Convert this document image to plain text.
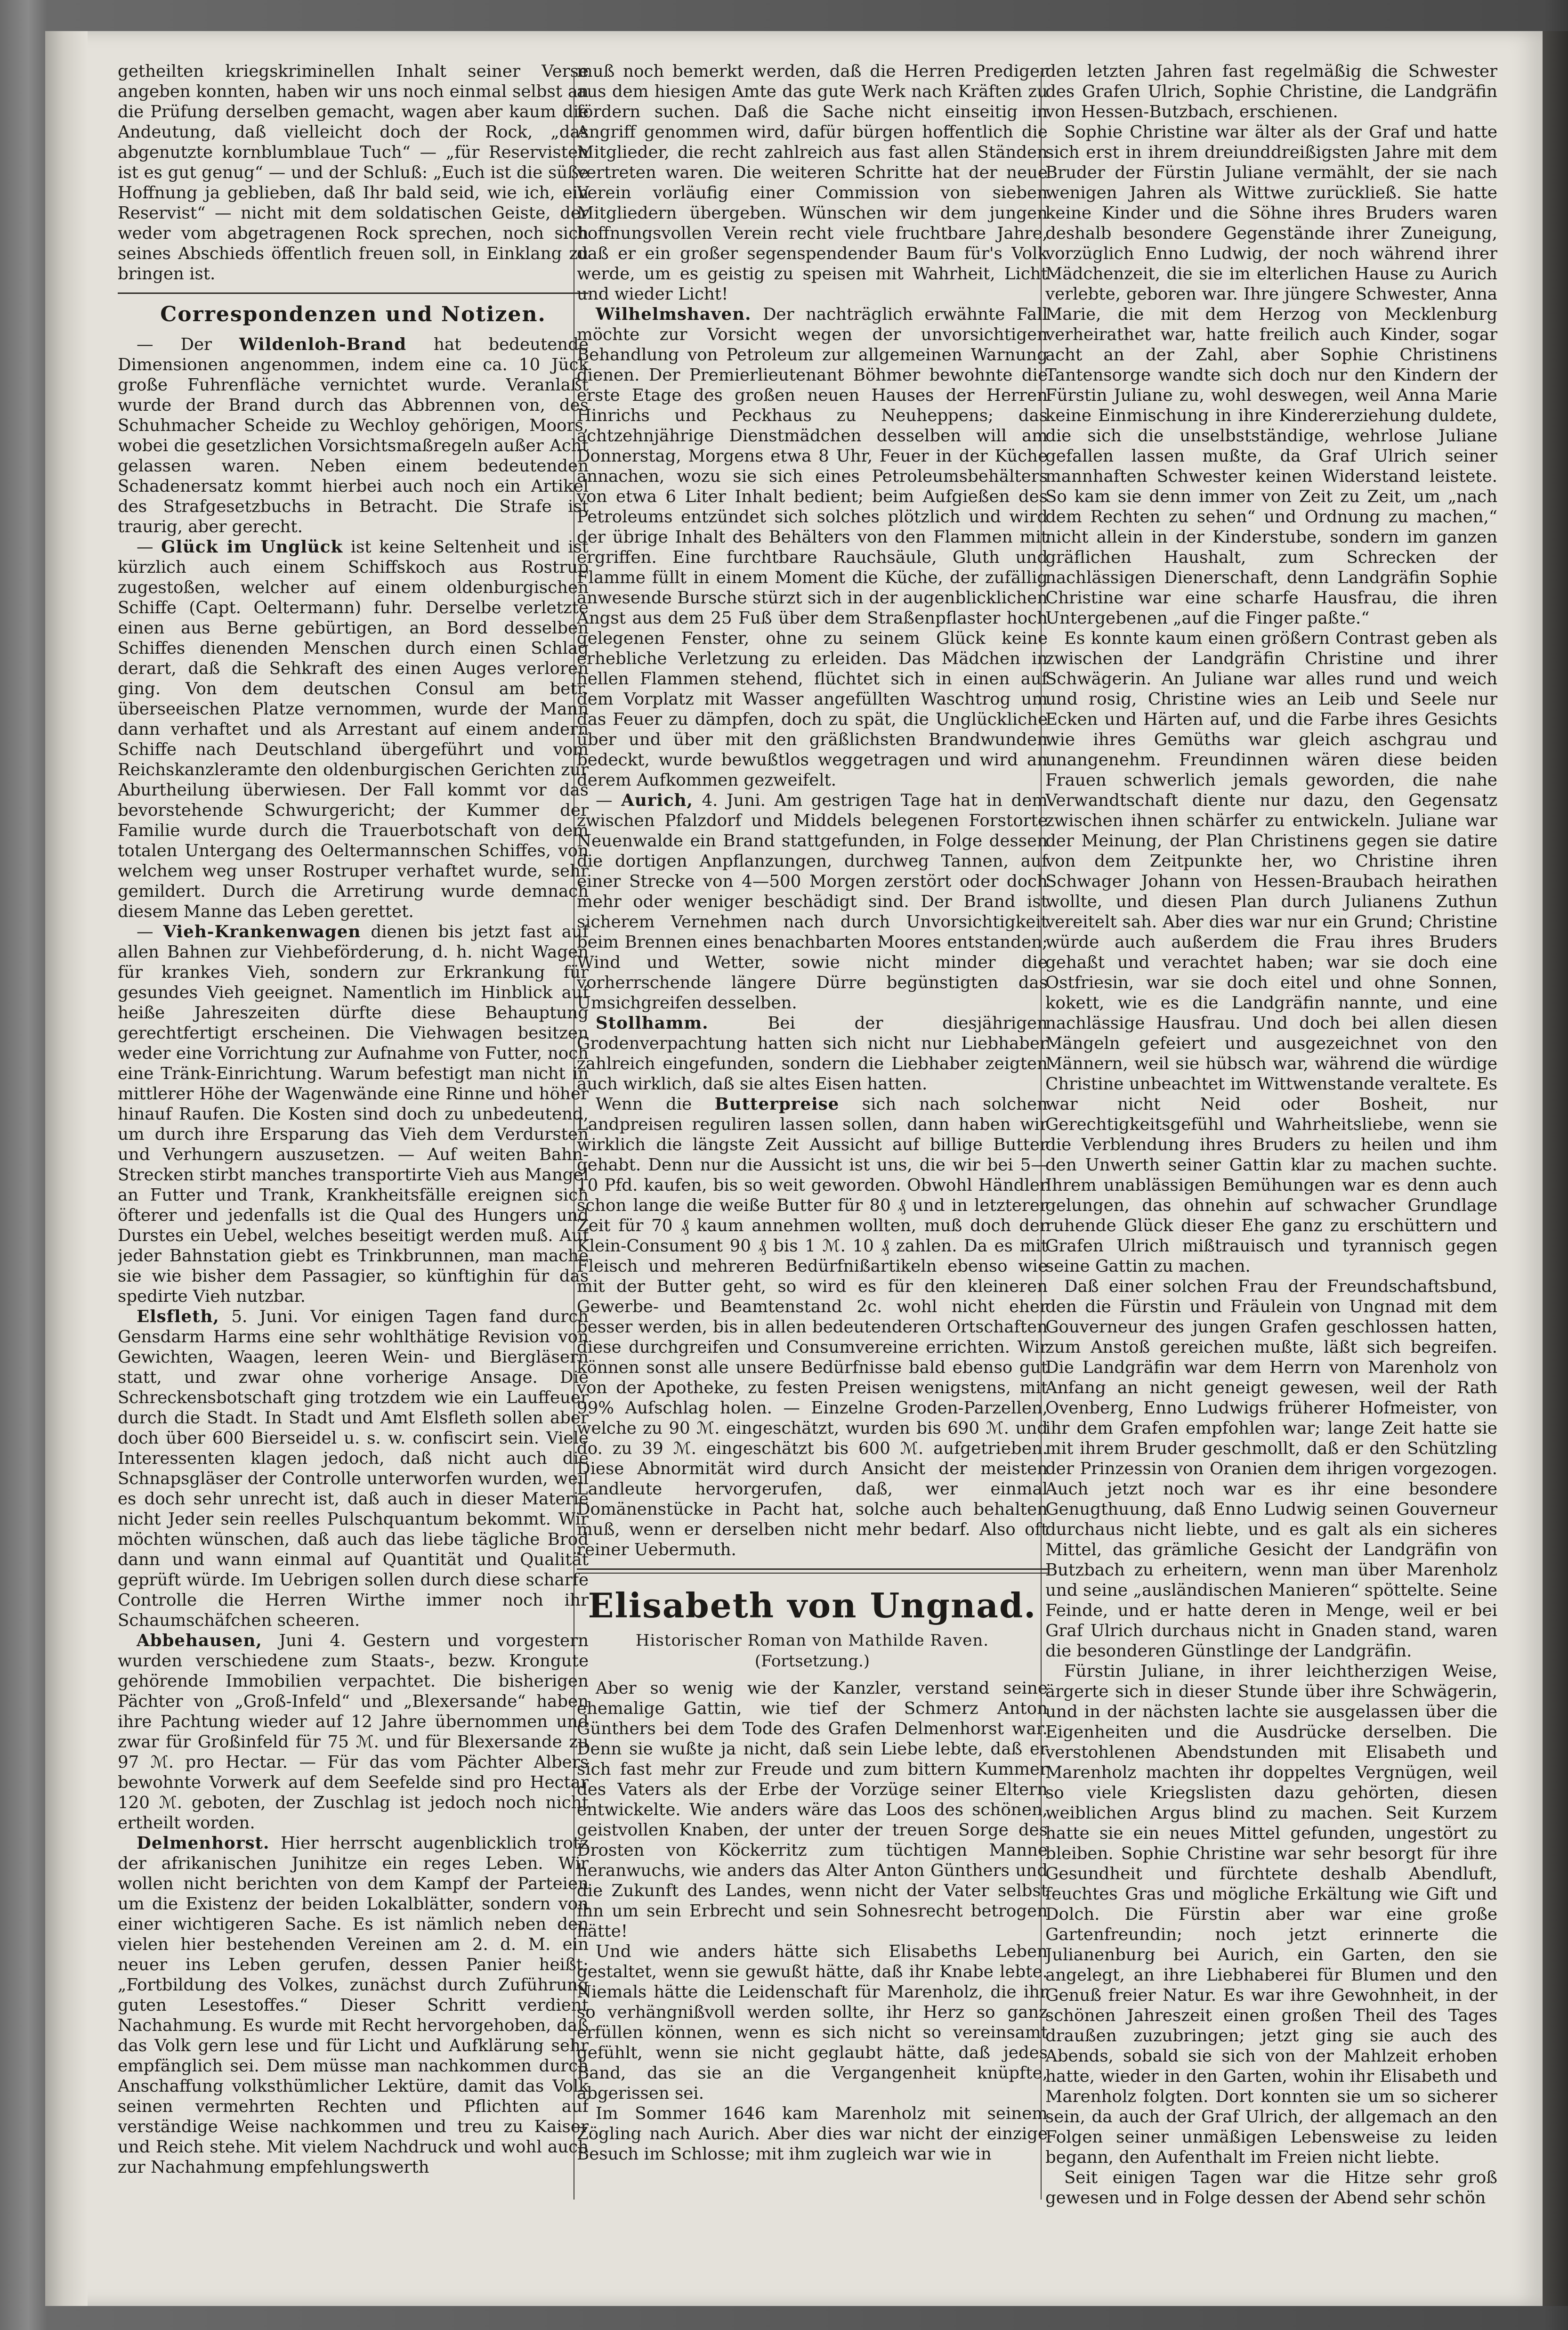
getheilten kriegskriminellen Inhalt seiner Verse angeben konnten, haben wir uns noch einmal selbst an die Prüfung derselben gemacht, wagen aber kaum die Andeutung, daß vielleicht doch der Rock, „das abgenutzte kornblumblaue Tuch“ — „für Reservisten ist es gut genug“ — und der Schluß: „Euch ist die süße Hoffnung ja geblieben, daß Ihr bald seid, wie ich, ein Reservist“ — nicht mit dem soldatischen Geiste, der weder vom abgetragenen Rock sprechen, noch sich seines Abschieds öffentlich freuen soll, in Einklang zu bringen ist.

Correspondenzen und Notizen.

— Der Wildenloh-Brand hat bedeutende Dimensionen angenommen, indem eine ca. 10 Jück große Fuhrenfläche vernichtet wurde. Veranlaßt wurde der Brand durch das Abbrennen von, des Schuhmacher Scheide zu Wechloy gehörigen, Moors, wobei die gesetzlichen Vorsichtsmaßregeln außer Acht gelassen waren. Neben einem bedeutenden Schadenersatz kommt hierbei auch noch ein Artikel des Strafgesetzbuchs in Betracht. Die Strafe ist traurig, aber gerecht.

— Glück im Unglück ist keine Seltenheit und ist kürzlich auch einem Schiffskoch aus Rostrup zugestoßen, welcher auf einem oldenburgischen Schiffe (Capt. Oeltermann) fuhr. Derselbe verletzte einen aus Berne gebürtigen, an Bord desselben Schiffes dienenden Menschen durch einen Schlag derart, daß die Sehkraft des einen Auges verloren ging. Von dem deutschen Consul am betr. überseeischen Platze vernommen, wurde der Mann dann verhaftet und als Arrestant auf einem andern Schiffe nach Deutschland übergeführt und vom Reichskanzleramte den oldenburgischen Gerichten zur Aburtheilung überwiesen. Der Fall kommt vor das bevorstehende Schwurgericht; der Kummer der Familie wurde durch die Trauerbotschaft von dem totalen Untergang des Oeltermannschen Schiffes, von welchem weg unser Rostruper verhaftet wurde, sehr gemildert. Durch die Arretirung wurde demnach diesem Manne das Leben gerettet.

— Vieh-Krankenwagen dienen bis jetzt fast auf allen Bahnen zur Viehbeförderung, d. h. nicht Wagen für krankes Vieh, sondern zur Erkrankung für gesundes Vieh geeignet. Namentlich im Hinblick auf heiße Jahreszeiten dürfte diese Behauptung gerechtfertigt erscheinen. Die Viehwagen besitzen weder eine Vorrichtung zur Aufnahme von Futter, noch eine Tränk-Einrichtung. Warum befestigt man nicht in mittlerer Höhe der Wagenwände eine Rinne und höher hinauf Raufen. Die Kosten sind doch zu unbedeutend, um durch ihre Ersparung das Vieh dem Verdursten und Verhungern auszusetzen. — Auf weiten Bahn-Strecken stirbt manches transportirte Vieh aus Mangel an Futter und Trank, Krankheitsfälle ereignen sich öfterer und jedenfalls ist die Qual des Hungers und Durstes ein Uebel, welches beseitigt werden muß. Auf jeder Bahnstation giebt es Trinkbrunnen, man mache sie wie bisher dem Passagier, so künftighin für das spedirte Vieh nutzbar.

Elsfleth, 5. Juni. Vor einigen Tagen fand durch Gensdarm Harms eine sehr wohlthätige Revision von Gewichten, Waagen, leeren Wein- und Biergläsern statt, und zwar ohne vorherige Ansage. Die Schreckensbotschaft ging trotzdem wie ein Lauffeuer durch die Stadt. In Stadt und Amt Elsfleth sollen aber doch über 600 Bierseidel u. s. w. confiscirt sein. Viele Interessenten klagen jedoch, daß nicht auch die Schnapsgläser der Controlle unterworfen wurden, weil es doch sehr unrecht ist, daß auch in dieser Materie nicht Jeder sein reelles Pulschquantum bekommt. Wir möchten wünschen, daß auch das liebe tägliche Brod dann und wann einmal auf Quantität und Qualität geprüft würde. Im Uebrigen sollen durch diese scharfe Controlle die Herren Wirthe immer noch ihr Schaumschäfchen scheeren.

Abbehausen, Juni 4. Gestern und vorgestern wurden verschiedene zum Staats-, bezw. Krongute gehörende Immobilien verpachtet. Die bisherigen Pächter von „Groß-Infeld“ und „Blexersande“ haben ihre Pachtung wieder auf 12 Jahre übernommen und zwar für Großinfeld für 75 ℳ. und für Blexersande zu 97 ℳ. pro Hectar. — Für das vom Pächter Albers bewohnte Vorwerk auf dem Seefelde sind pro Hectar 120 ℳ. geboten, der Zuschlag ist jedoch noch nicht ertheilt worden.

Delmenhorst. Hier herrscht augenblicklich trotz der afrikanischen Junihitze ein reges Leben. Wir wollen nicht berichten von dem Kampf der Parteien um die Existenz der beiden Lokalblätter, sondern von einer wichtigeren Sache. Es ist nämlich neben den vielen hier bestehenden Vereinen am 2. d. M. ein neuer ins Leben gerufen, dessen Panier heißt: „Fortbildung des Volkes, zunächst durch Zuführung guten Lesestoffes.“ Dieser Schritt verdient Nachahmung. Es wurde mit Recht hervorgehoben, daß das Volk gern lese und für Licht und Aufklärung sehr empfänglich sei. Dem müsse man nachkommen durch Anschaffung volksthümlicher Lektüre, damit das Volk seinen vermehrten Rechten und Pflichten auf verständige Weise nachkommen und treu zu Kaiser und Reich stehe. Mit vielem Nachdruck und wohl auch zur Nachahmung empfehlungswerth

muß noch bemerkt werden, daß die Herren Prediger aus dem hiesigen Amte das gute Werk nach Kräften zu fördern suchen. Daß die Sache nicht einseitig in Angriff genommen wird, dafür bürgen hoffentlich die Mitglieder, die recht zahlreich aus fast allen Ständen vertreten waren. Die weiteren Schritte hat der neue Verein vorläufig einer Commission von sieben Mitgliedern übergeben. Wünschen wir dem jungen hoffnungsvollen Verein recht viele fruchtbare Jahre, daß er ein großer segenspendender Baum für's Volk werde, um es geistig zu speisen mit Wahrheit, Licht und wieder Licht!

Wilhelmshaven. Der nachträglich erwähnte Fall möchte zur Vorsicht wegen der unvorsichtigen Behandlung von Petroleum zur allgemeinen Warnung dienen. Der Premierlieutenant Böhmer bewohnte die erste Etage des großen neuen Hauses der Herren Hinrichs und Peckhaus zu Neuheppens; das achtzehnjährige Dienstmädchen desselben will am Donnerstag, Morgens etwa 8 Uhr, Feuer in der Küche annachen, wozu sie sich eines Petroleumsbehälters von etwa 6 Liter Inhalt bedient; beim Aufgießen des Petroleums entzündet sich solches plötzlich und wird der übrige Inhalt des Behälters von den Flammen mit ergriffen. Eine furchtbare Rauchsäule, Gluth und Flamme füllt in einem Moment die Küche, der zufällig anwesende Bursche stürzt sich in der augenblicklichen Angst aus dem 25 Fuß über dem Straßenpflaster hoch gelegenen Fenster, ohne zu seinem Glück keine erhebliche Verletzung zu erleiden. Das Mädchen in hellen Flammen stehend, flüchtet sich in einen auf dem Vorplatz mit Wasser angefüllten Waschtrog um das Feuer zu dämpfen, doch zu spät, die Unglückliche über und über mit den gräßlichsten Brandwunden bedeckt, wurde bewußtlos weggetragen und wird an derem Aufkommen gezweifelt.

— Aurich, 4. Juni. Am gestrigen Tage hat in dem zwischen Pfalzdorf und Middels belegenen Forstorte Neuenwalde ein Brand stattgefunden, in Folge dessen die dortigen Anpflanzungen, durchweg Tannen, auf einer Strecke von 4—500 Morgen zerstört oder doch mehr oder weniger beschädigt sind. Der Brand ist sicherem Vernehmen nach durch Unvorsichtigkeit beim Brennen eines benachbarten Moores entstanden; Wind und Wetter, sowie nicht minder die vorherrschende längere Dürre begünstigten das Umsichgreifen desselben.

Stollhamm.	Bei der diesjährigen Grodenverpachtung hatten sich nicht nur Liebhaber zahlreich eingefunden, sondern die Liebhaber zeigten auch wirklich, daß sie altes Eisen hatten.

Wenn die Butterpreise sich nach solchen Landpreisen reguliren lassen sollen, dann haben wir wirklich die längste Zeit Aussicht auf billige Butter gehabt. Denn nur die Aussicht ist uns, die wir bei 5—10 Pfd. kaufen, bis so weit geworden. Obwohl Händler schon lange die weiße Butter für 80 ₰ und in letzterer Zeit für 70 ₰ kaum annehmen wollten, muß doch der Klein-Consument 90 ₰ bis 1 ℳ. 10 ₰ zahlen. Da es mit Fleisch und mehreren Bedürfnißartikeln ebenso wie mit der Butter geht, so wird es für den kleineren Gewerbe- und Beamtenstand 2c. wohl nicht eher besser werden, bis in allen bedeutenderen Ortschaften diese durchgreifen und Consumvereine errichten. Wir können sonst alle unsere Bedürfnisse bald ebenso gut von der Apotheke, zu festen Preisen wenigstens, mit 99% Aufschlag holen. — Einzelne Groden-Parzellen, welche zu 90 ℳ. eingeschätzt, wurden bis 690 ℳ. und do. zu 39 ℳ. eingeschätzt bis 600 ℳ. aufgetrieben. Diese Abnormität wird durch Ansicht der meisten Landleute hervorgerufen, daß, wer einmal Domänenstücke in Pacht hat, solche auch behalten muß, wenn er derselben nicht mehr bedarf. Also oft reiner Uebermuth.

Elisabeth von Ungnad.
Historischer Roman von Mathilde Raven.
(Fortsetzung.)

Aber so wenig wie der Kanzler, verstand seine ehemalige Gattin, wie tief der Schmerz Anton Günthers bei dem Tode des Grafen Delmenhorst war. Denn sie wußte ja nicht, daß sein Liebe lebte, daß er sich fast mehr zur Freude und zum bittern Kummer des Vaters als der Erbe der Vorzüge seiner Eltern entwickelte. Wie anders wäre das Loos des schönen, geistvollen Knaben, der unter der treuen Sorge des Drosten von Köckerritz zum tüchtigen Manne heranwuchs, wie anders das Alter Anton Günthers und die Zukunft des Landes, wenn nicht der Vater selbst ihn um sein Erbrecht und sein Sohnesrecht betrogen hätte!

Und wie anders hätte sich Elisabeths Leben gestaltet, wenn sie gewußt hätte, daß ihr Knabe lebte. Niemals hätte die Leidenschaft für Marenholz, die ihr so verhängnißvoll werden sollte, ihr Herz so ganz erfüllen können, wenn es sich nicht so vereinsamt gefühlt, wenn sie nicht geglaubt hätte, daß jedes Band, das sie an die Vergangenheit knüpfte, abgerissen sei.

Im Sommer 1646 kam Marenholz mit seinem Zögling nach Aurich. Aber dies war nicht der einzige Besuch im Schlosse; mit ihm zugleich war wie in

den letzten Jahren fast regelmäßig die Schwester des Grafen Ulrich, Sophie Christine, die Landgräfin von Hessen-Butzbach, erschienen.

Sophie Christine war älter als der Graf und hatte sich erst in ihrem dreiunddreißigsten Jahre mit dem Bruder der Fürstin Juliane vermählt, der sie nach wenigen Jahren als Wittwe zurückließ. Sie hatte keine Kinder und die Söhne ihres Bruders waren deshalb besondere Gegenstände ihrer Zuneigung, vorzüglich Enno Ludwig, der noch während ihrer Mädchenzeit, die sie im elterlichen Hause zu Aurich verlebte, geboren war. Ihre jüngere Schwester, Anna Marie, die mit dem Herzog von Mecklenburg verheirathet war, hatte freilich auch Kinder, sogar acht an der Zahl, aber Sophie Christinens Tantensorge wandte sich doch nur den Kindern der Fürstin Juliane zu, wohl deswegen, weil Anna Marie keine Einmischung in ihre Kindererziehung duldete, die sich die unselbstständige, wehrlose Juliane gefallen lassen mußte, da Graf Ulrich seiner mannhaften Schwester keinen Widerstand leistete. So kam sie denn immer von Zeit zu Zeit, um „nach dem Rechten zu sehen“ und Ordnung zu machen,“ nicht allein in der Kinderstube, sondern im ganzen gräflichen Haushalt, zum Schrecken der nachlässigen Dienerschaft, denn Landgräfin Sophie Christine war eine scharfe Hausfrau, die ihren Untergebenen „auf die Finger paßte.“

Es konnte kaum einen größern Contrast geben als zwischen der Landgräfin Christine und ihrer Schwägerin. An Juliane war alles rund und weich und rosig, Christine wies an Leib und Seele nur Ecken und Härten auf, und die Farbe ihres Gesichts wie ihres Gemüths war gleich aschgrau und unangenehm. Freundinnen wären diese beiden Frauen schwerlich jemals geworden, die nahe Verwandtschaft diente nur dazu, den Gegensatz zwischen ihnen schärfer zu entwickeln. Juliane war der Meinung, der Plan Christinens gegen sie datire von dem Zeitpunkte her, wo Christine ihren Schwager Johann von Hessen-Braubach heirathen wollte, und diesen Plan durch Julianens Zuthun vereitelt sah. Aber dies war nur ein Grund; Christine würde auch außerdem die Frau ihres Bruders gehaßt und verachtet haben; war sie doch eine Ostfriesin, war sie doch eitel und ohne Sonnen, kokett, wie es die Landgräfin nannte, und eine nachlässige Hausfrau. Und doch bei allen diesen Mängeln gefeiert und ausgezeichnet von den Männern, weil sie hübsch war, während die würdige Christine unbeachtet im Wittwenstande veraltete. Es war nicht Neid oder Bosheit, nur Gerechtigkeitsgefühl und Wahrheitsliebe, wenn sie die Verblendung ihres Bruders zu heilen und ihm den Unwerth seiner Gattin klar zu machen suchte. Ihrem unablässigen Bemühungen war es denn auch gelungen, das ohnehin auf schwacher Grundlage ruhende Glück dieser Ehe ganz zu erschüttern und Grafen Ulrich mißtrauisch und tyrannisch gegen seine Gattin zu machen.

Daß einer solchen Frau der Freundschaftsbund, den die Fürstin und Fräulein von Ungnad mit dem Gouverneur des jungen Grafen geschlossen hatten, zum Anstoß gereichen mußte, läßt sich begreifen. Die Landgräfin war dem Herrn von Marenholz von Anfang an nicht geneigt gewesen, weil der Rath Ovenberg, Enno Ludwigs früherer Hofmeister, von ihr dem Grafen empfohlen war; lange Zeit hatte sie mit ihrem Bruder geschmollt, daß er den Schützling der Prinzessin von Oranien dem ihrigen vorgezogen. Auch jetzt noch war es ihr eine besondere Genugthuung, daß Enno Ludwig seinen Gouverneur durchaus nicht liebte, und es galt als ein sicheres Mittel, das grämliche Gesicht der Landgräfin von Butzbach zu erheitern, wenn man über Marenholz und seine „ausländischen Manieren“ spöttelte. Seine Feinde, und er hatte deren in Menge, weil er bei Graf Ulrich durchaus nicht in Gnaden stand, waren die besonderen Günstlinge der Landgräfin.

Fürstin Juliane, in ihrer leichtherzigen Weise, ärgerte sich in dieser Stunde über ihre Schwägerin, und in der nächsten lachte sie ausgelassen über die Eigenheiten und die Ausdrücke derselben. Die verstohlenen Abendstunden mit Elisabeth und Marenholz machten ihr doppeltes Vergnügen, weil so viele Kriegslisten dazu gehörten, diesen weiblichen Argus blind zu machen. Seit Kurzem hatte sie ein neues Mittel gefunden, ungestört zu bleiben. Sophie Christine war sehr besorgt für ihre Gesundheit und fürchtete deshalb Abendluft, feuchtes Gras und mögliche Erkältung wie Gift und Dolch. Die Fürstin aber war eine große Gartenfreundin; noch jetzt erinnerte die Julianenburg bei Aurich, ein Garten, den sie angelegt, an ihre Liebhaberei für Blumen und den Genuß freier Natur. Es war ihre Gewohnheit, in der schönen Jahreszeit einen großen Theil des Tages draußen zuzubringen; jetzt ging sie auch des Abends, sobald sie sich von der Mahlzeit erhoben hatte, wieder in den Garten, wohin ihr Elisabeth und Marenholz folgten. Dort konnten sie um so sicherer sein, da auch der Graf Ulrich, der allgemach an den Folgen seiner unmäßigen Lebensweise zu leiden begann, den Aufenthalt im Freien nicht liebte.

Seit einigen Tagen war die Hitze sehr groß gewesen und in Folge dessen der Abend sehr schön
